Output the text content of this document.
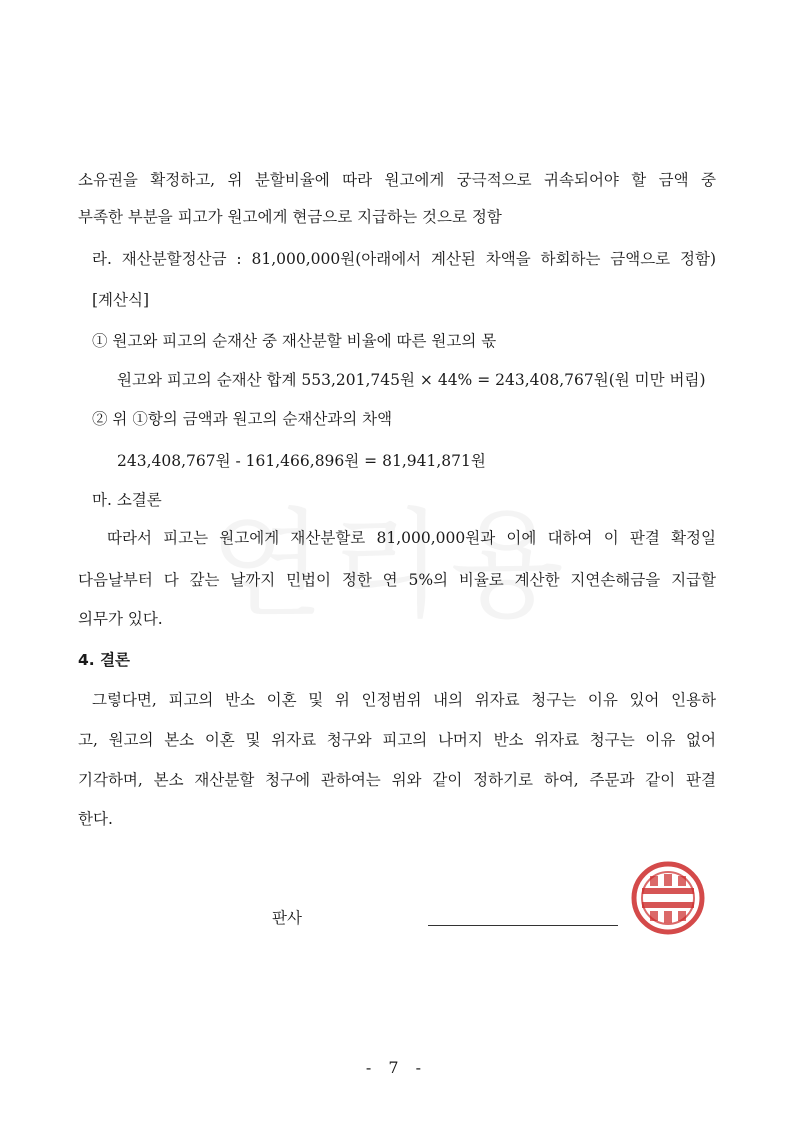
소유권을 확정하고, 위 분할비율에 따라 원고에게 궁극적으로 귀속되어야 할 금액 중
부족한 부분을 피고가 원고에게 현금으로 지급하는 것으로 정함
라. 재산분할정산금 : 81,000,000원(아래에서 계산된 차액을 하회하는 금액으로 정함)
[계산식]
① 원고와 피고의 순재산 중 재산분할 비율에 따른 원고의 몫
원고와 피고의 순재산 합계 553,201,745원 × 44% = 243,408,767원(원 미만 버림)
② 위 ①항의 금액과 원고의 순재산과의 차액
243,408,767원 - 161,466,896원 = 81,941,871원
마. 소결론
따라서 피고는 원고에게 재산분할로 81,000,000원과 이에 대하여 이 판결 확정일
다음날부터 다 갚는 날까지 민법이 정한 연 5%의 비율로 계산한 지연손해금을 지급할
의무가 있다.
4. 결론
그렇다면, 피고의 반소 이혼 및 위 인정범위 내의 위자료 청구는 이유 있어 인용하
고, 원고의 본소 이혼 및 위자료 청구와 피고의 나머지 반소 위자료 청구는 이유 없어
기각하며, 본소 재산분할 청구에 관하여는 위와 같이 정하기로 하여, 주문과 같이 판결
한다.
판사
- 7 -
